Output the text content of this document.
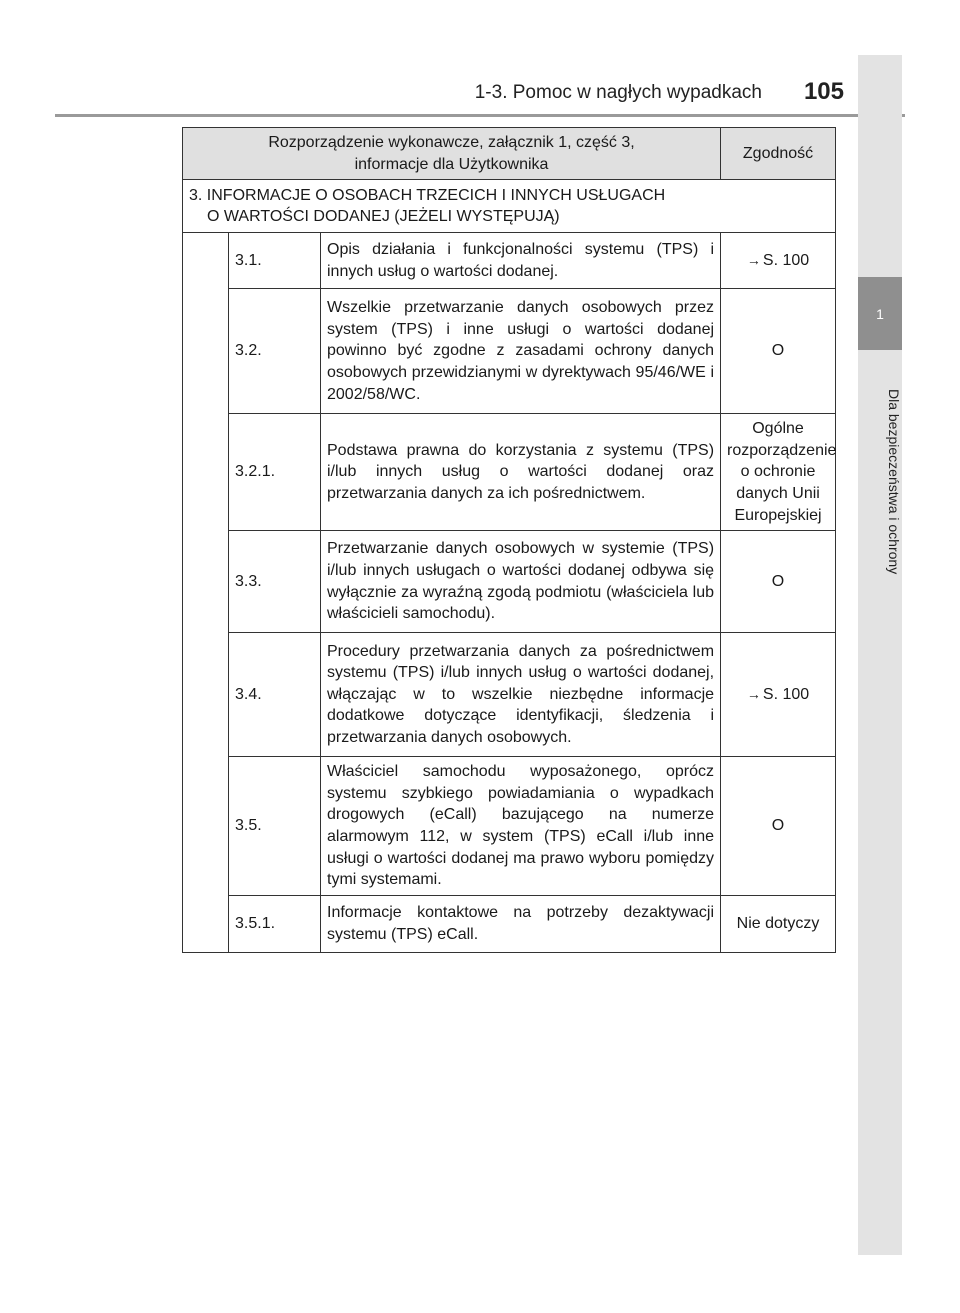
1-3. Pomoc w nagłych wypadkach 105
1
Dla bezpieczeństwa i ochrony
Rozporządzenie wykonawcze, załącznik 1, część 3,
informacje dla Użytkownika			Zgodność
3. INFORMACJE O OSOBACH TRZECICH I INNYCH USŁUGACH
O WARTOŚCI DODANEJ (JEŻELI WYSTĘPUJĄ)			

	3.1.	Opis działania i funkcjonalności systemu (TPS) i innych usług o wartości dodanej.	→ S. 100
	3.2.	Wszelkie przetwarzanie danych osobowych przez system (TPS) i inne usługi o wartości dodanej powinno być zgodne z zasadami ochrony danych osobowych przewidzianymi w dyrektywach 95/46/WE i 2002/58/WC.	O
	3.2.1.	Podstawa prawna do korzystania z systemu (TPS) i/lub innych usług o wartości dodanej oraz przetwarzania danych za ich pośrednictwem.	Ogólne rozporządzenie o ochronie danych Unii Europejskiej
	3.3.	Przetwarzanie danych osobowych w systemie (TPS) i/lub innych usługach o wartości dodanej odbywa się wyłącznie za wyraźną zgodą podmiotu (właściciela lub właścicieli samochodu).	O
	3.4.	Procedury przetwarzania danych za pośrednictwem systemu (TPS) i/lub innych usług o wartości dodanej, włączając w to wszelkie niezbędne informacje dodatkowe dotyczące identyfikacji, śledzenia i przetwarzania danych osobowych.	→ S. 100
	3.5.	Właściciel samochodu wyposażonego, oprócz systemu szybkiego powiadamiania o wypadkach drogowych (eCall) bazującego na numerze alarmowym 112, w system (TPS) eCall i/lub inne usługi o wartości dodanej ma prawo wyboru pomiędzy tymi systemami.	O
	3.5.1.	Informacje kontaktowe na potrzeby dezaktywacji systemu (TPS) eCall.	Nie dotyczy
